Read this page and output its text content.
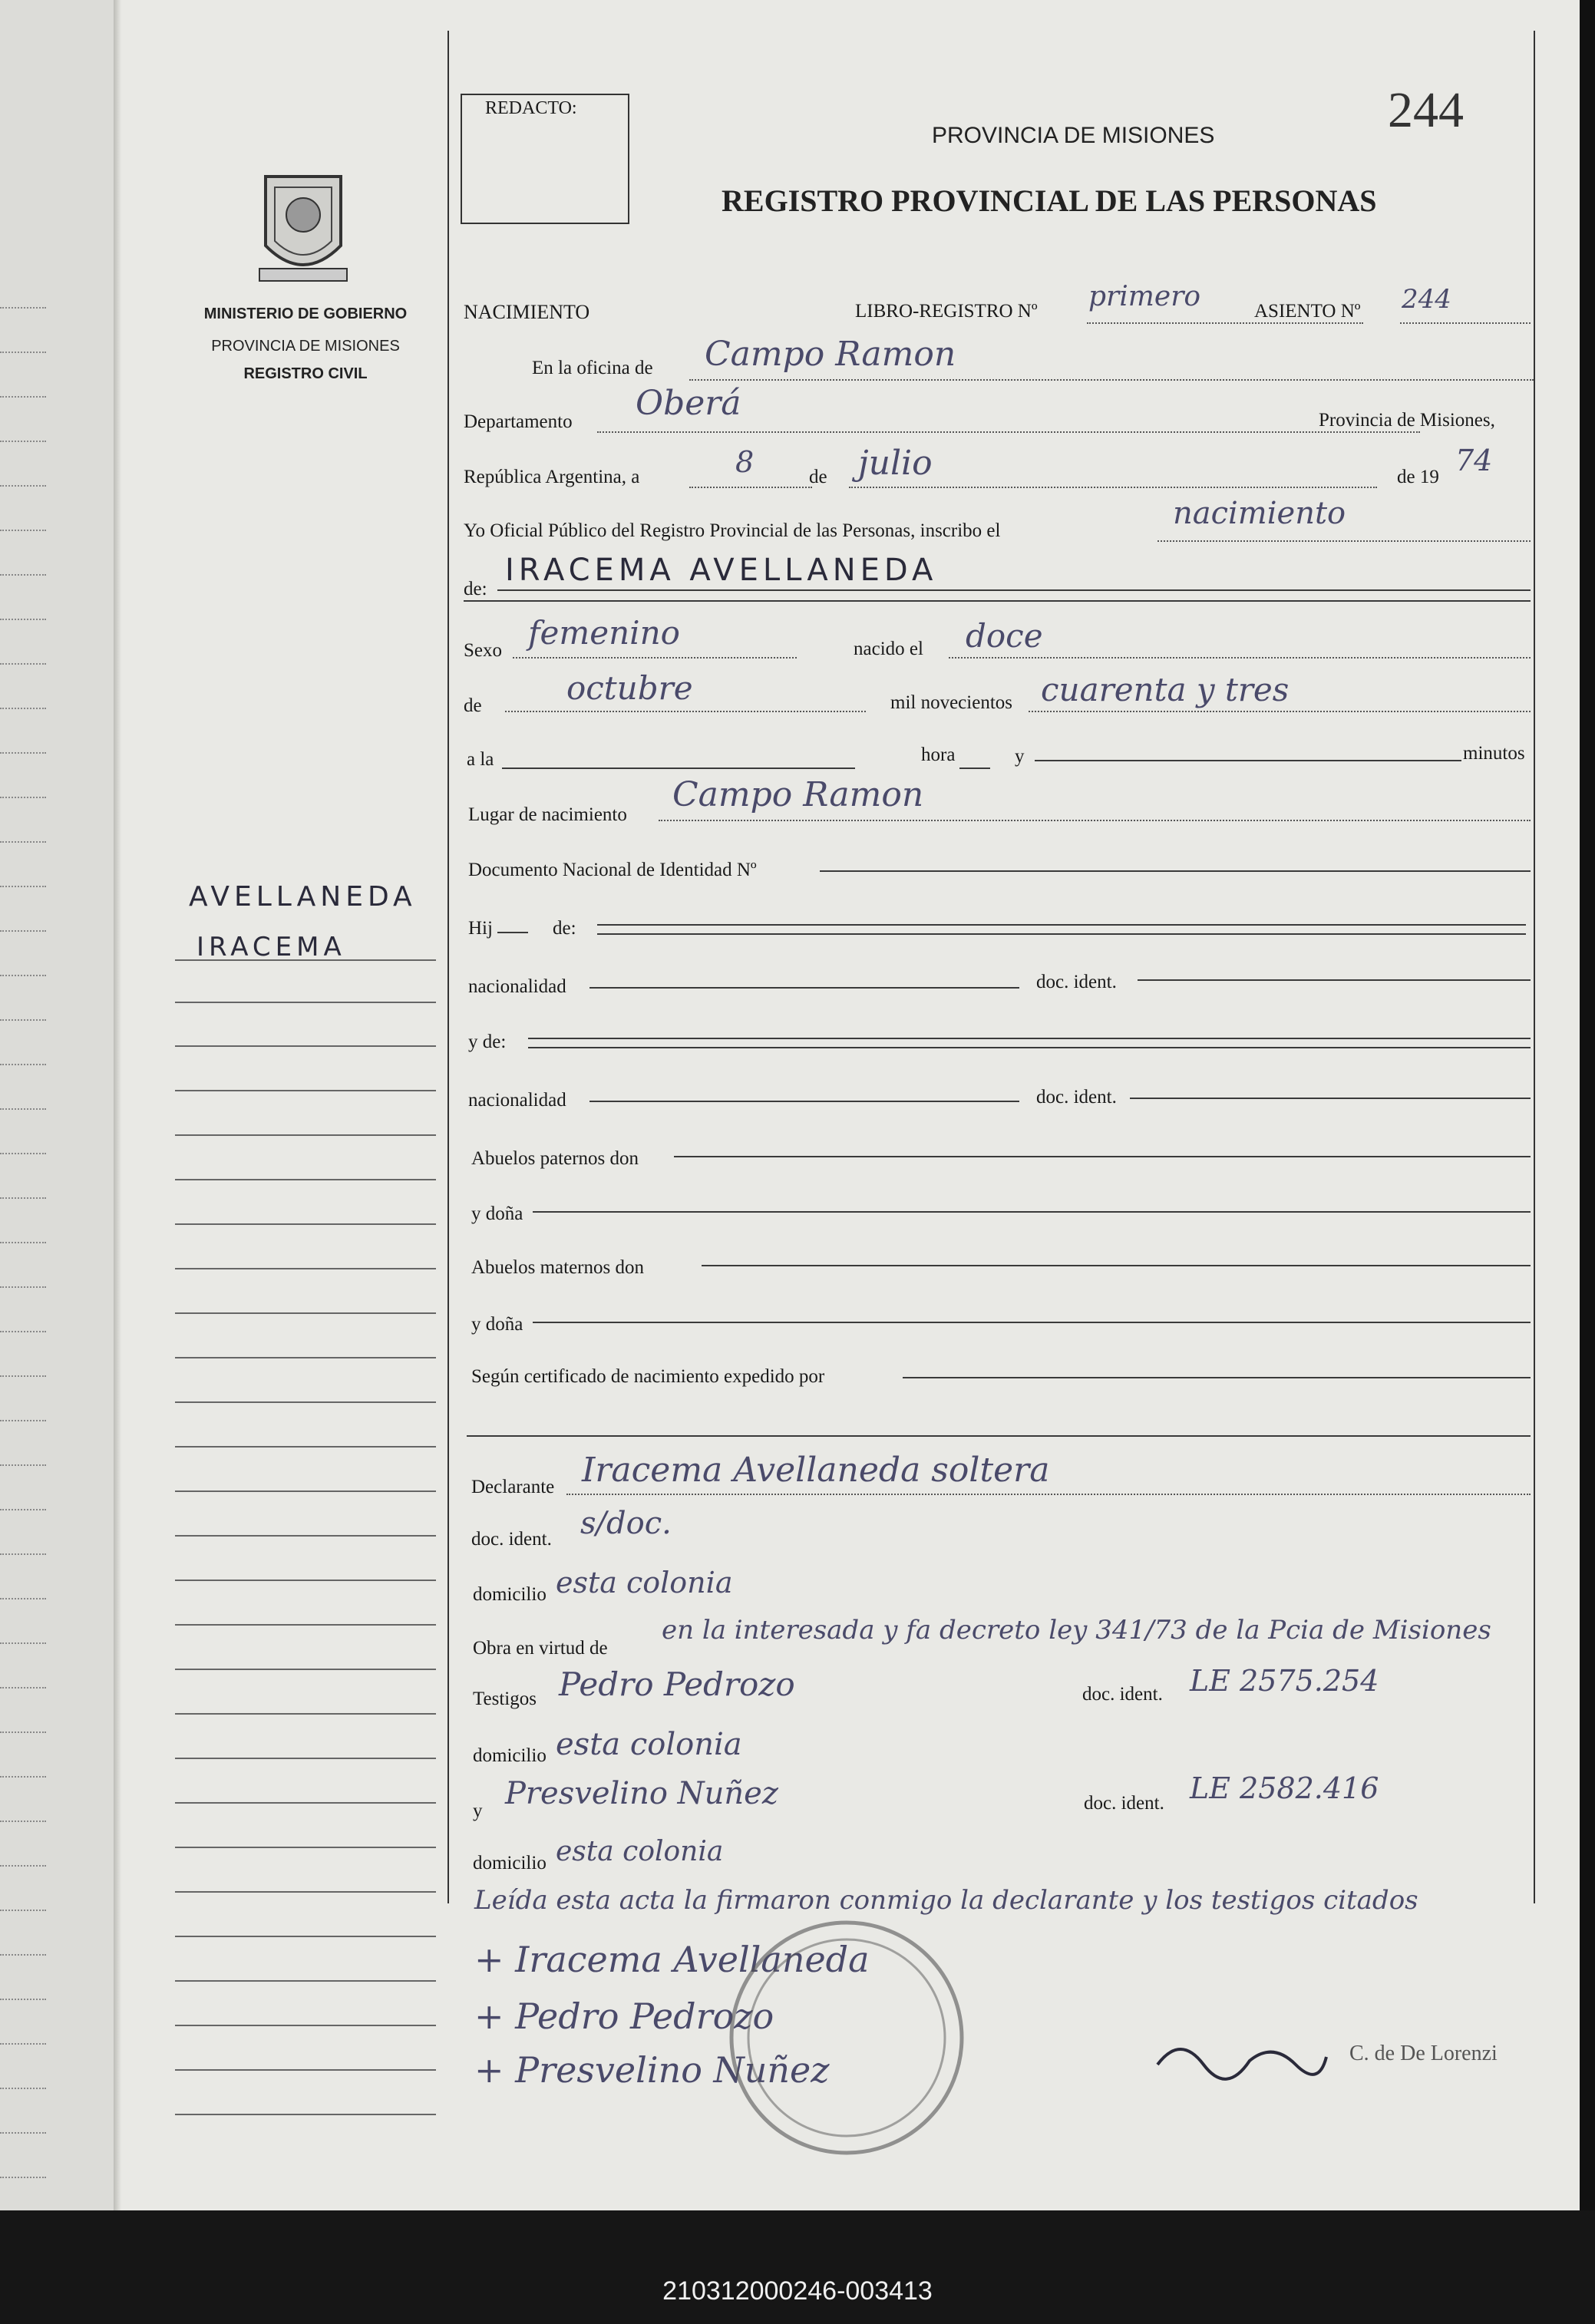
REDACTO:
PROVINCIA DE MISIONES
REGISTRO PROVINCIAL DE LAS PERSONAS
244
MINISTERIO DE GOBIERNO
PROVINCIA DE MISIONES
REGISTRO CIVIL
AVELLANEDA
IRACEMA
NACIMIENTO	LIBRO-REGISTRO Nº primero	ASIENTO Nº 244
En la oficina de Campo Ramon
Departamento Oberá	Provincia de Misiones,
República Argentina, a	8	de julio	de 19 74
Yo Oficial Público del Registro Provincial de las Personas, inscribo el	nacimiento
de:
IRACEMA AVELLANEDA
Sexo femenino	nacido el doce
de	octubre	mil novecientos cuarenta y tres
a la	hora	y	minutos
Lugar de nacimiento
Campo Ramon
Documento Nacional de Identidad Nº
Hij	de:
nacionalidad	doc. ident.
y de:
nacionalidad	doc. ident.
Abuelos paternos don
y doña
Abuelos maternos don
y doña
Según certificado de nacimiento expedido por
Declarante Iracema Avellaneda soltera
doc. ident. s/doc.
domicilio esta colonia
Obra en virtud de
en la interesada y fa decreto ley 341/73 de la Pcia de Misiones
Testigos Pedro Pedrozo	doc. ident. LE 2575.254
domicilio esta colonia
y Presvelino Nuñez	doc. ident. LE 2582.416
domicilio esta colonia
Leída esta acta la firmaron conmigo la declarante y los testigos citados
+ Iracema Avellaneda
+ Pedro Pedrozo
+ Presvelino Nuñez	C. de De Lorenzi
210312000246-003413
